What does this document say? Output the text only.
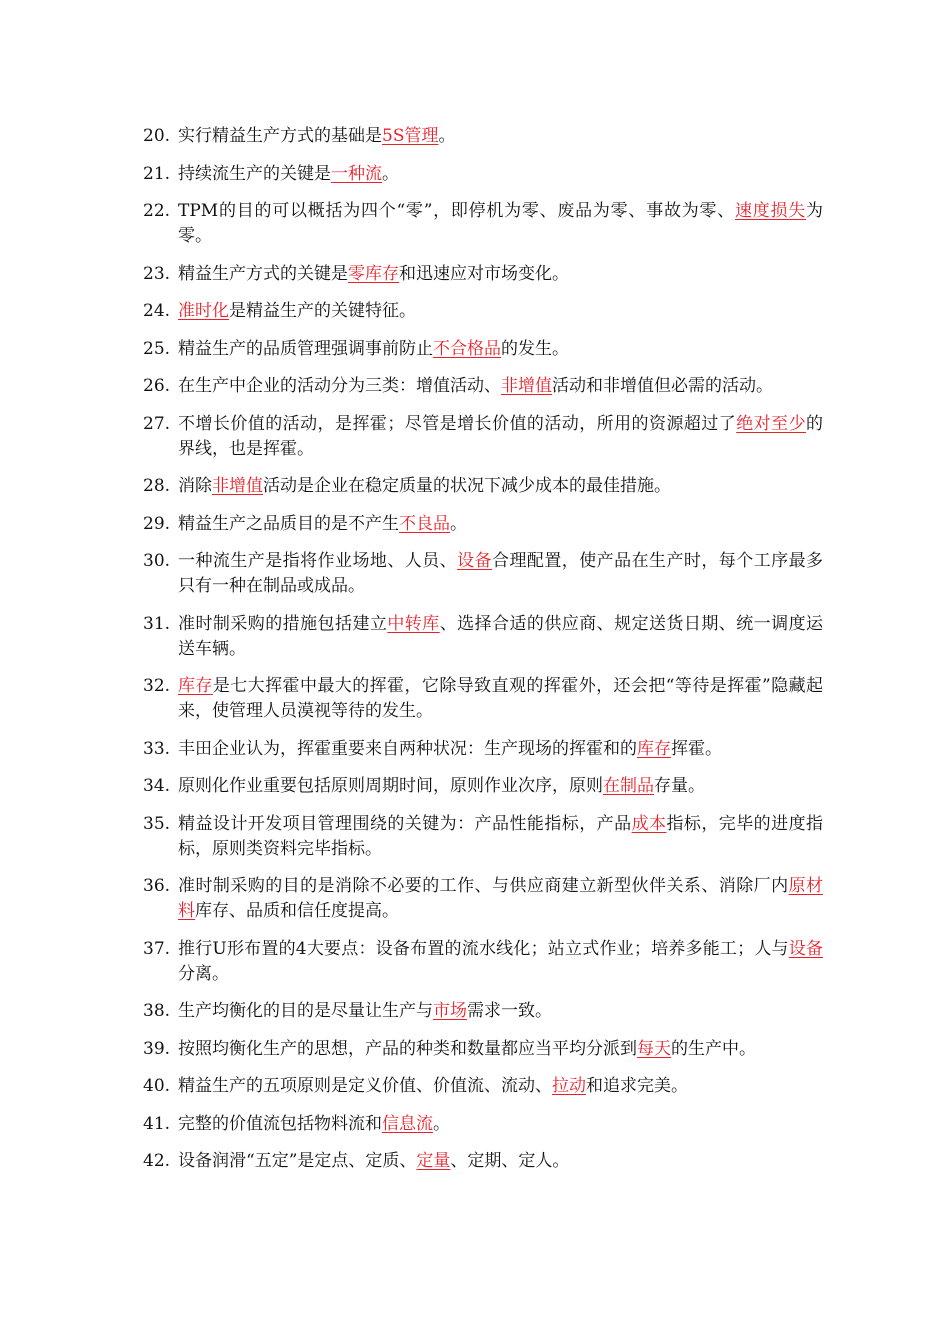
20. 实行精益生产方式的基础是5S管理。
21. 持续流生产的关键是一种流。
22. TPM的目的可以概括为四个“零”，即停机为零、废品为零、事故为零、速度损失为零。
23. 精益生产方式的关键是零库存和迅速应对市场变化。
24. 准时化是精益生产的关键特征。
25. 精益生产的品质管理强调事前防止不合格品的发生。
26. 在生产中企业的活动分为三类：增值活动、非增值活动和非增值但必需的活动。
27. 不增长价值的活动，是挥霍；尽管是增长价值的活动，所用的资源超过了绝对至少的界线，也是挥霍。
28. 消除非增值活动是企业在稳定质量的状况下减少成本的最佳措施。
29. 精益生产之品质目的是不产生不良品。
30. 一种流生产是指将作业场地、人员、设备合理配置，使产品在生产时，每个工序最多只有一种在制品或成品。
31. 准时制采购的措施包括建立中转库、选择合适的供应商、规定送货日期、统一调度运送车辆。
32. 库存是七大挥霍中最大的挥霍，它除导致直观的挥霍外，还会把“等待是挥霍”隐藏起来，使管理人员漠视等待的发生。
33. 丰田企业认为，挥霍重要来自两种状况：生产现场的挥霍和的库存挥霍。
34. 原则化作业重要包括原则周期时间，原则作业次序，原则在制品存量。
35. 精益设计开发项目管理围绕的关键为：产品性能指标，产品成本指标，完毕的进度指标，原则类资料完毕指标。
36. 准时制采购的目的是消除不必要的工作、与供应商建立新型伙伴关系、消除厂内原材料库存、品质和信任度提高。
37. 推行U形布置的4大要点：设备布置的流水线化；站立式作业；培养多能工；人与设备分离。
38. 生产均衡化的目的是尽量让生产与市场需求一致。
39. 按照均衡化生产的思想，产品的种类和数量都应当平均分派到每天的生产中。
40. 精益生产的五项原则是定义价值、价值流、流动、拉动和追求完美。
41. 完整的价值流包括物料流和信息流。
42. 设备润滑“五定”是定点、定质、定量、定期、定人。
